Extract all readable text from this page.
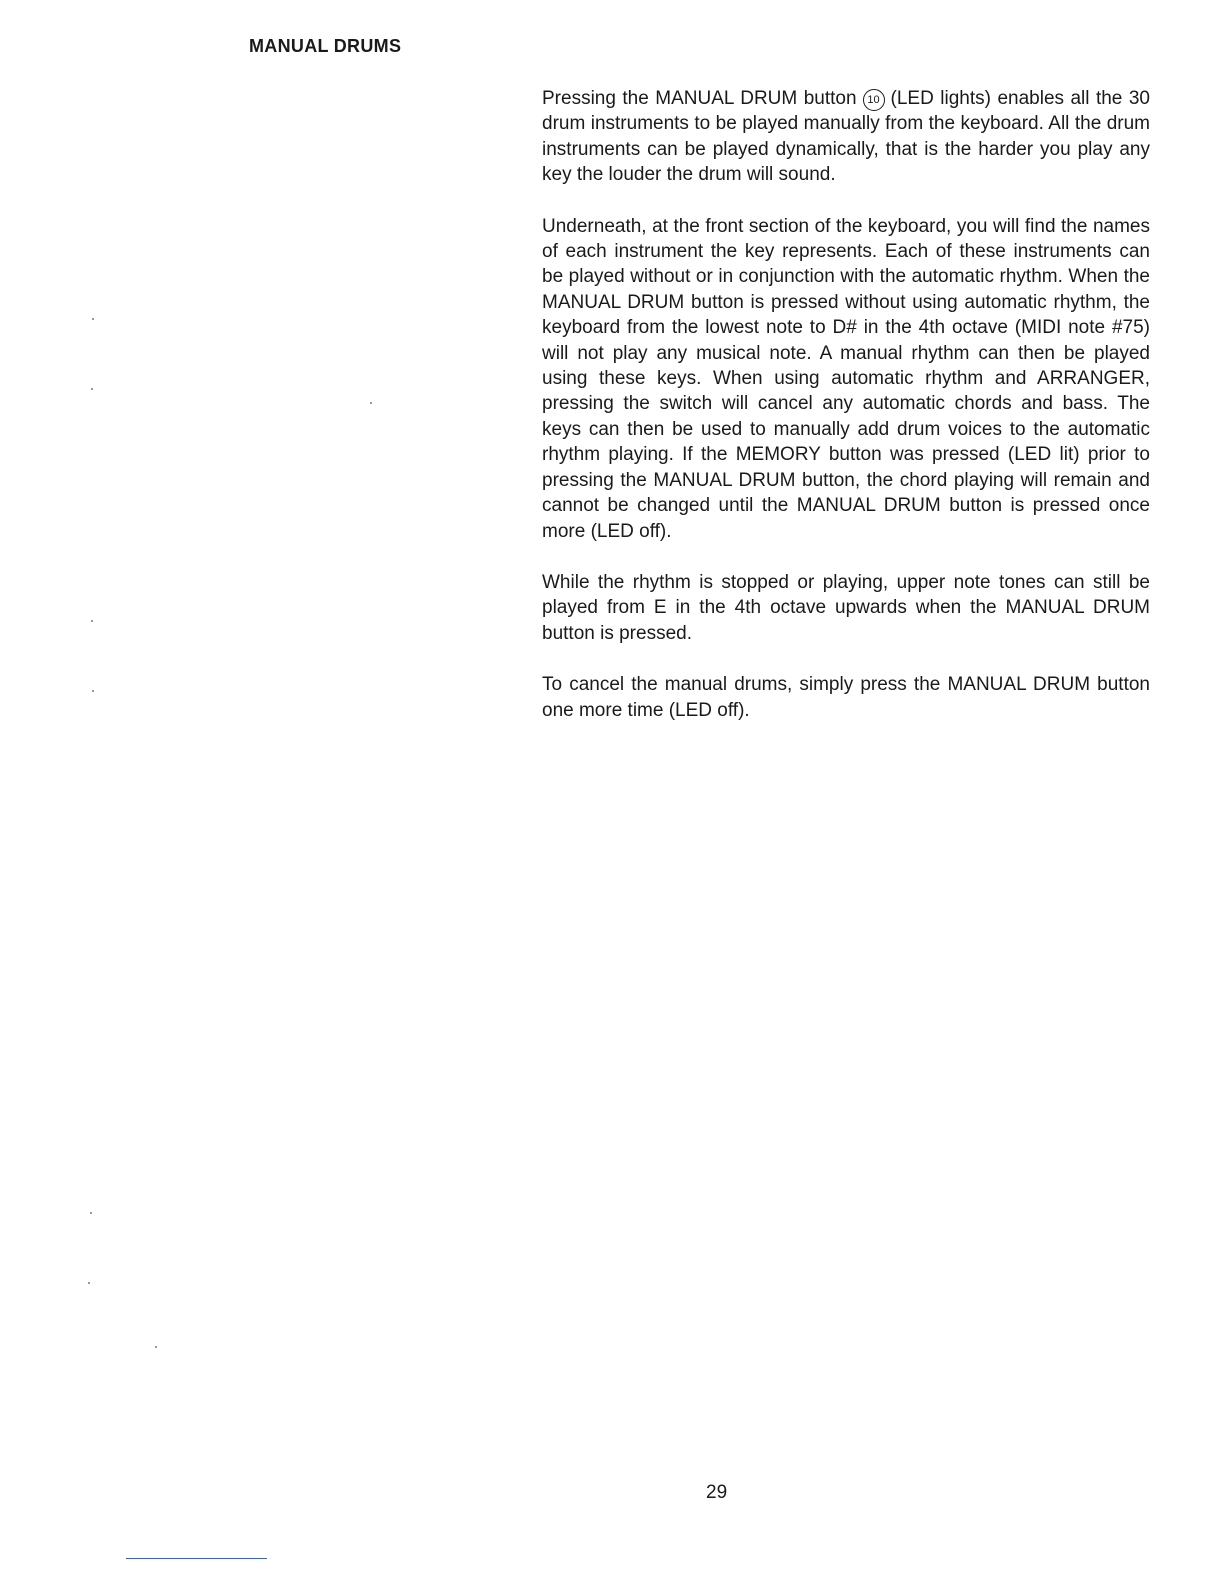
MANUAL DRUMS

Pressing the MANUAL DRUM button 10 (LED lights) enables all the 30 drum instruments to be played manually from the keyboard. All the drum instruments can be played dynamically, that is the harder you play any key the louder the drum will sound.

Underneath, at the front section of the keyboard, you will find the names of each instrument the key represents. Each of these instruments can be played without or in conjunction with the automatic rhythm. When the MANUAL DRUM button is pressed without using automatic rhythm, the keyboard from the lowest note to D# in the 4th octave (MIDI note #75) will not play any musical note. A manual rhythm can then be played using these keys. When using automatic rhythm and ARRANGER, pressing the switch will cancel any automatic chords and bass. The keys can then be used to manually add drum voices to the automatic rhythm playing. If the MEMORY button was pressed (LED lit) prior to pressing the MANUAL DRUM button, the chord playing will remain and cannot be changed until the MANUAL DRUM button is pressed once more (LED off).

While the rhythm is stopped or playing, upper note tones can still be played from E in the 4th octave upwards when the MANUAL DRUM button is pressed.

To cancel the manual drums, simply press the MANUAL DRUM button one more time (LED off).

29
